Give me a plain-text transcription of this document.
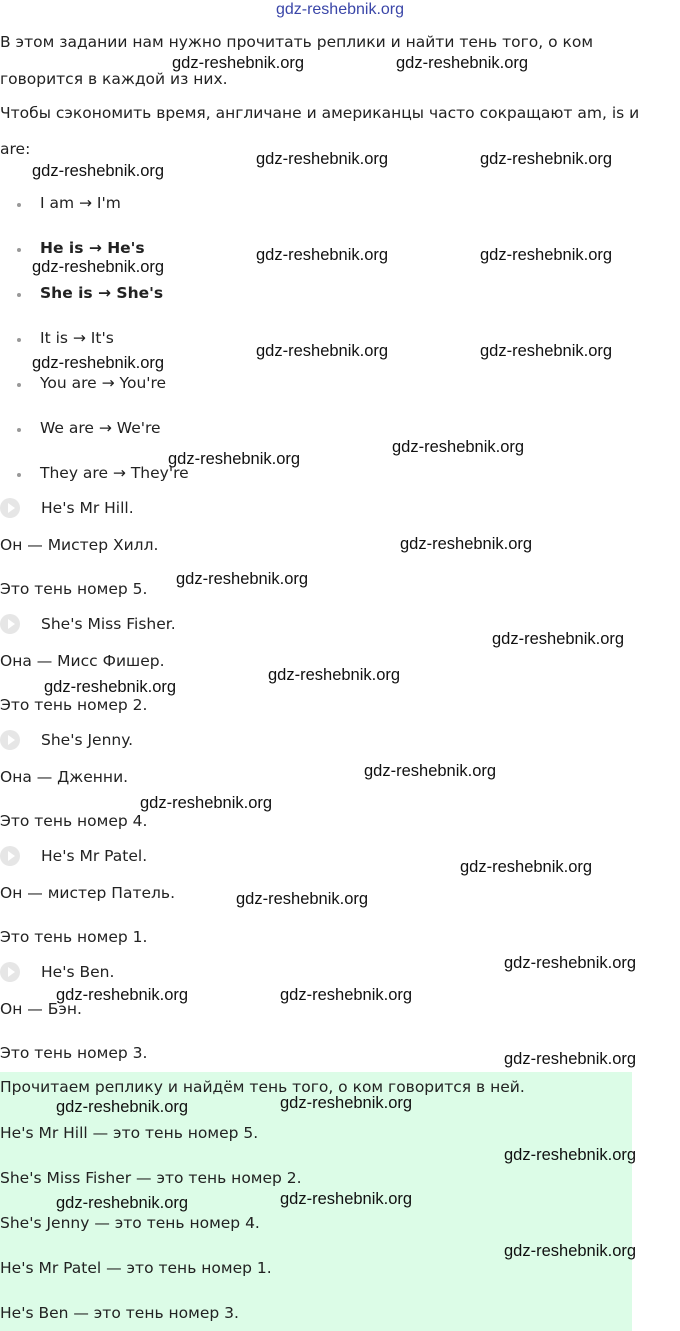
gdz-reshebnik.org
В этом задании нам нужно прочитать реплики и найти тень того, о ком
говорится в каждой из них.
Чтобы сэкономить время, англичане и американцы часто сокращают am, is и
are:
I am → I'm
He is → He's
She is → She's
It is → It's
You are → You're
We are → We're
They are → They're
He's Mr Hill.
Он — Мистер Хилл.
Это тень номер 5.
She's Miss Fisher.
Она — Мисс Фишер.
Это тень номер 2.
She's Jenny.
Она — Дженни.
Это тень номер 4.
He's Mr Patel.
Он — мистер Патель.
Это тень номер 1.
He's Ben.
Он — Бэн.
Это тень номер 3.
Прочитаем реплику и найдём тень того, о ком говорится в ней.
He's Mr Hill — это тень номер 5.
She's Miss Fisher — это тень номер 2.
She's Jenny — это тень номер 4.
He's Mr Patel — это тень номер 1.
He's Ben — это тень номер 3.
gdz-reshebnik.org	gdz-reshebnik.org
gdz-reshebnik.org	gdz-reshebnik.org
gdz-reshebnik.org
gdz-reshebnik.org	gdz-reshebnik.org
gdz-reshebnik.org
gdz-reshebnik.org	gdz-reshebnik.org
gdz-reshebnik.org
gdz-reshebnik.org
gdz-reshebnik.org
gdz-reshebnik.org
gdz-reshebnik.org
gdz-reshebnik.org
gdz-reshebnik.org
gdz-reshebnik.org
gdz-reshebnik.org
gdz-reshebnik.org
gdz-reshebnik.org
gdz-reshebnik.org
gdz-reshebnik.org
gdz-reshebnik.org	gdz-reshebnik.org
gdz-reshebnik.org
gdz-reshebnik.org
gdz-reshebnik.org
gdz-reshebnik.org
gdz-reshebnik.org
gdz-reshebnik.org
gdz-reshebnik.org
